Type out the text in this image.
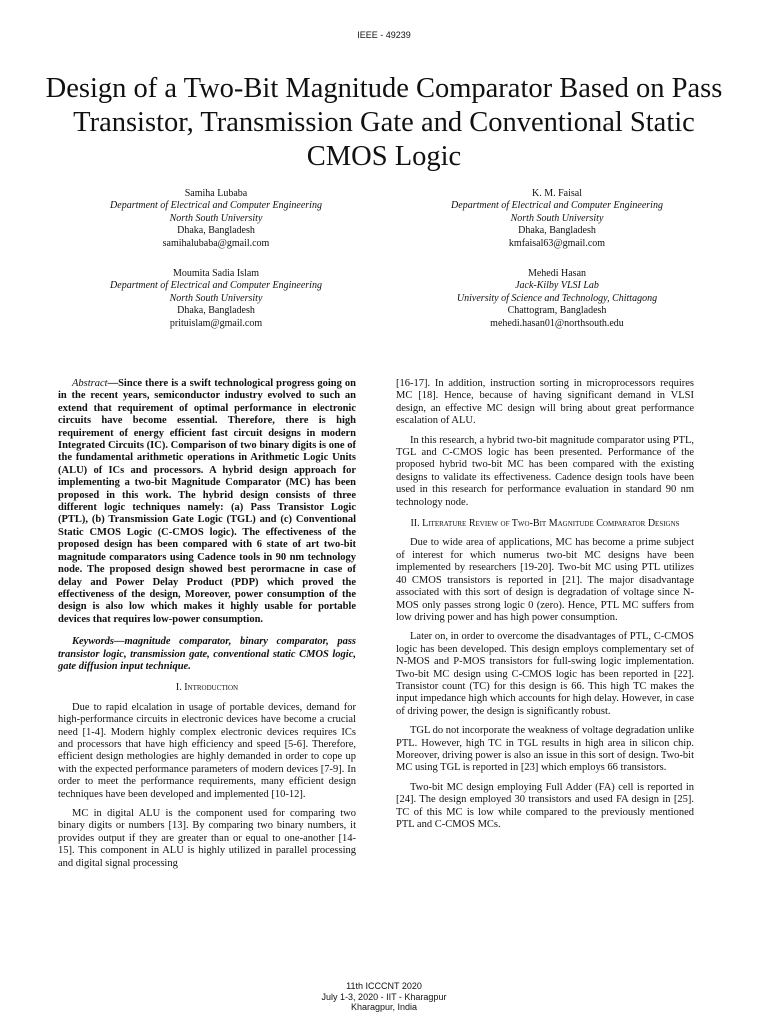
IEEE - 49239
Design of a Two-Bit Magnitude Comparator Based on Pass Transistor, Transmission Gate and Conventional Static CMOS Logic
Samiha Lubaba
Department of Electrical and Computer Engineering
North South University
Dhaka, Bangladesh
samihalubaba@gmail.com
K. M. Faisal
Department of Electrical and Computer Engineering
North South University
Dhaka, Bangladesh
kmfaisal63@gmail.com
Moumita Sadia Islam
Department of Electrical and Computer Engineering
North South University
Dhaka, Bangladesh
prituislam@gmail.com
Mehedi Hasan
Jack-Kilby VLSI Lab
University of Science and Technology, Chittagong
Chattogram, Bangladesh
mehedi.hasan01@northsouth.edu

Abstract—Since there is a swift technological progress going on in the recent years, semiconductor industry evolved to such an extend that requirement of optimal performance in electronic circuits have become essential. Therefore, there is high requirement of energy efficient fast circuit designs in modern Integrated Circuits (IC). Comparison of two binary digits is one of the fundamental arithmetic operations in Arithmetic Logic Units (ALU) of ICs and processors. A hybrid design approach for implementing a two-bit Magnitude Comparator (MC) has been proposed in this work. The hybrid design consists of three different logic techniques namely: (a) Pass Transistor Logic (PTL), (b) Transmission Gate Logic (TGL) and (c) Conventional Static CMOS Logic (C-CMOS logic). The effectiveness of the proposed design has been compared with 6 state of art two-bit magnitude comparators using Cadence tools in 90 nm technology node. The proposed design showed best perormacne in case of delay and Power Delay Product (PDP) which proved the effectiveness of the design, Moreover, power consumption of the design is also low which makes it highly usable for portable devices that requires low-power consumption.

Keywords—magnitude comparator, binary comparator, pass transistor logic, transmission gate, conventional static CMOS logic, gate diffusion input technique.

I. Introduction

Due to rapid elcalation in usage of portable devices, demand for high-performance circuits in electronic devices have become a crucial need [1-4]. Modern highly complex electronic devices requires ICs and processors that have high efficiency and speed [5-6]. Therefore, efficient design methologies are highly demanded in order to cope up with the expected performance parameters of modern devices [7-9]. In order to meet the performance requirements, many efficient design techniques have been developed and implemented [10-12].

MC in digital ALU is the component used for comparing two binary digits or numbers [13]. By comparing two binary numbers, it provides output if they are greater than or equal to one-another [14-15]. This component in ALU is highly utilized in parallel processing and digital signal processing

[16-17]. In addition, instruction sorting in microprocessors requires MC [18]. Hence, because of having significant demand in VLSI design, an effective MC design will bring about great performance escalation of ALU.

In this research, a hybrid two-bit magnitude comparator using PTL, TGL and C-CMOS logic has been presented. Performance of the proposed hybrid two-bit MC has been compared with the existing designs to validate its effectiveness. Cadence design tools have been used in this research for performance evaluation in standard 90 nm technology node.

II. Literature Review of Two-Bit Magnitude Comparator Designs

Due to wide area of applications, MC has become a prime subject of interest for which numerus two-bit MC designs have been implemented by researchers [19-20]. Two-bit MC using PTL utilizes 40 CMOS transistors is reported in [21]. The major disadvantage associated with this sort of design is degradation of voltage since N-MOS only passes strong logic 0 (zero). Hence, PTL MC suffers from low driving power and has high power consumption.

Later on, in order to overcome the disadvantages of PTL, C-CMOS logic has been developed. This design employs complementary set of N-MOS and P-MOS transistors for full-swing logic implementation. Two-bit MC design using C-CMOS logic has been reported in [22]. Transistor count (TC) for this design is 66. This high TC makes the input impedance high which accounts for high delay. However, in case of driving power, the design is significantly robust.

TGL do not incorporate the weakness of voltage degradation unlike PTL. However, high TC in TGL results in high area in silicon chip. Moreover, driving power is also an issue in this sort of design. Two-bit MC using TGL is reported in [23] which employs 66 transistors.

Two-bit MC design employing Full Adder (FA) cell is reported in [24]. The design employed 30 transistors and used FA design in [25]. TC of this MC is low while compared to the previously mentioned PTL and C-CMOS MCs.

11th ICCCNT 2020
July 1-3, 2020 - IIT - Kharagpur
Kharagpur, India
